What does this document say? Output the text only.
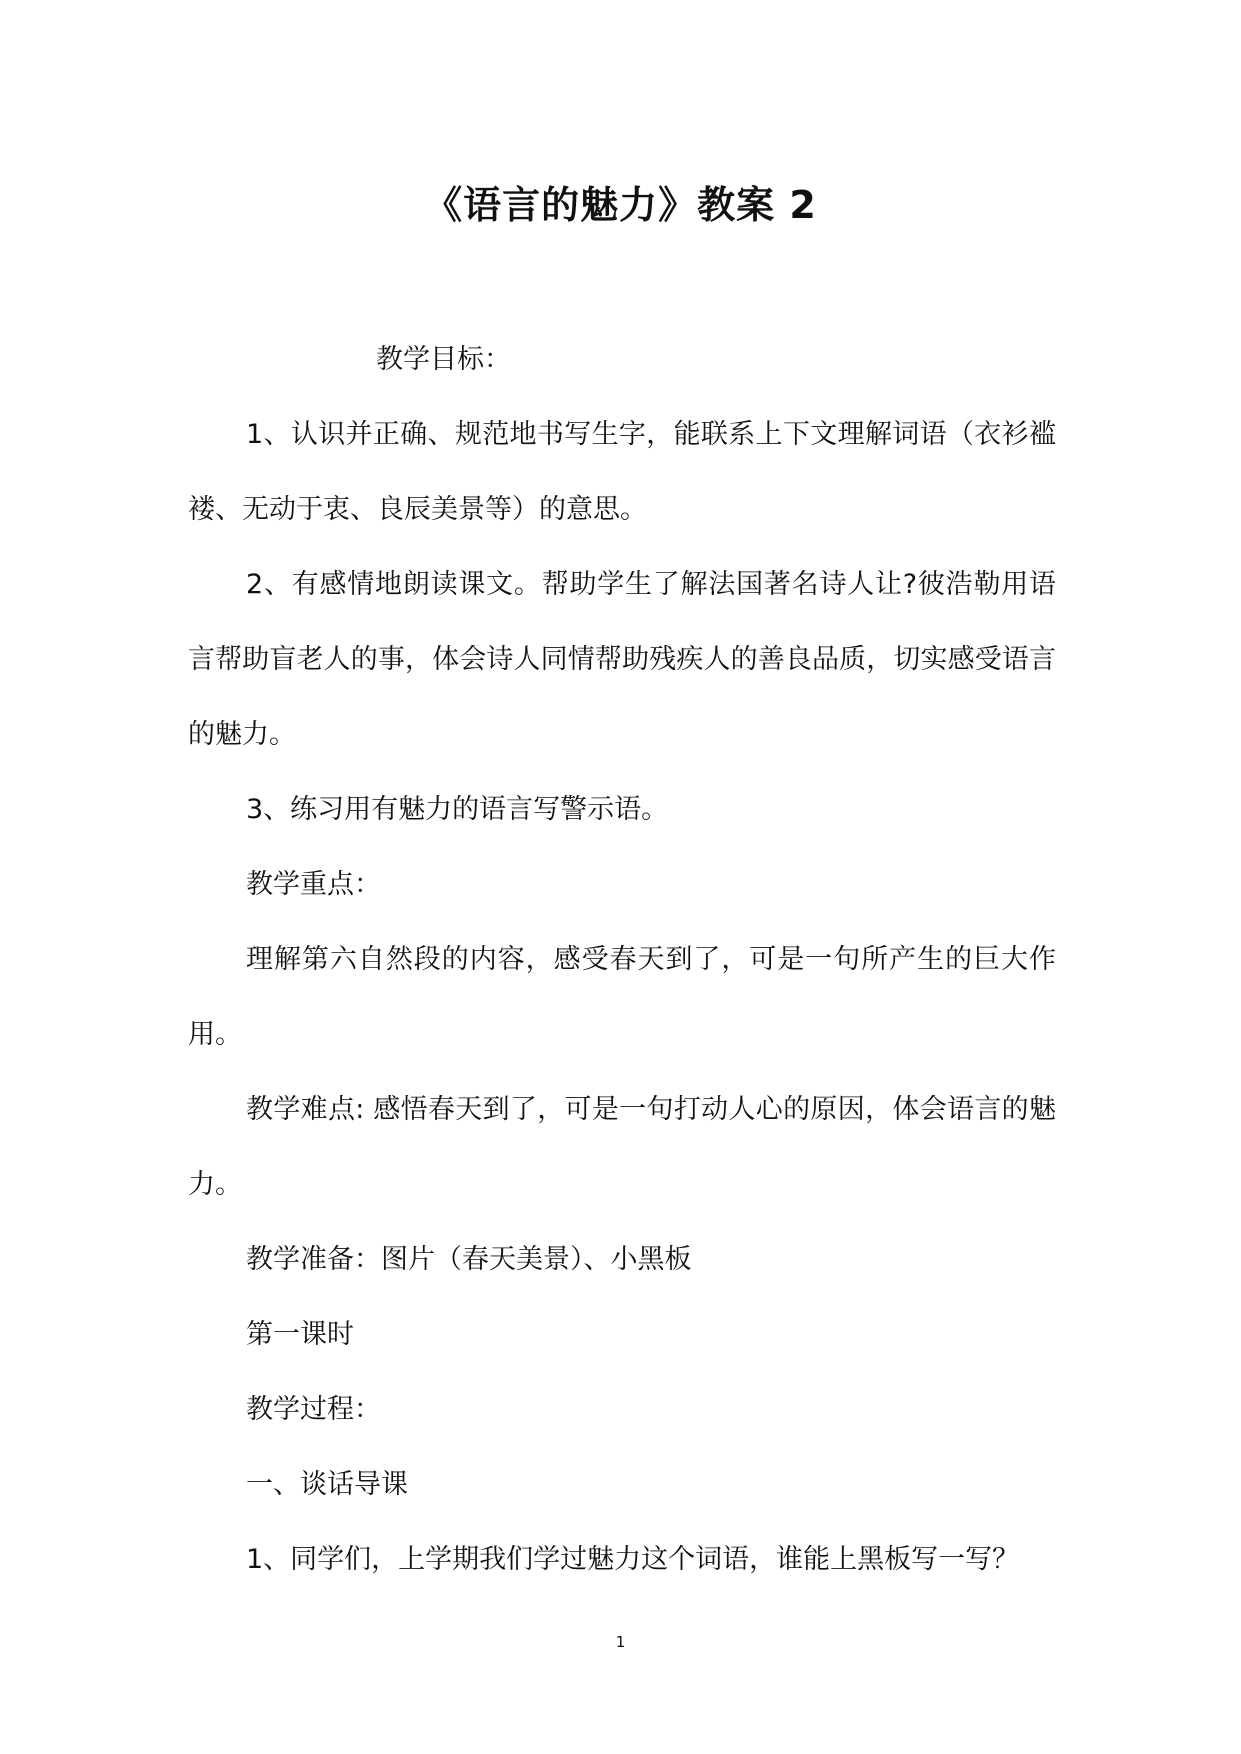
《语言的魅力》教案 2

教学目标：

1、认识并正确、规范地书写生字，能联系上下文理解词语（衣衫褴褛、无动于衷、良辰美景等）的意思。

2、有感情地朗读课文。帮助学生了解法国著名诗人让?彼浩勒用语言帮助盲老人的事，体会诗人同情帮助残疾人的善良品质，切实感受语言的魅力。

3、练习用有魅力的语言写警示语。

教学重点：

理解第六自然段的内容，感受春天到了，可是一句所产生的巨大作用。

教学难点: 感悟春天到了，可是一句打动人心的原因，体会语言的魅力。

教学准备：图片（春天美景）、小黑板

第一课时

教学过程：

一、谈话导课

1、同学们，上学期我们学过魅力这个词语，谁能上黑板写一写？

1
